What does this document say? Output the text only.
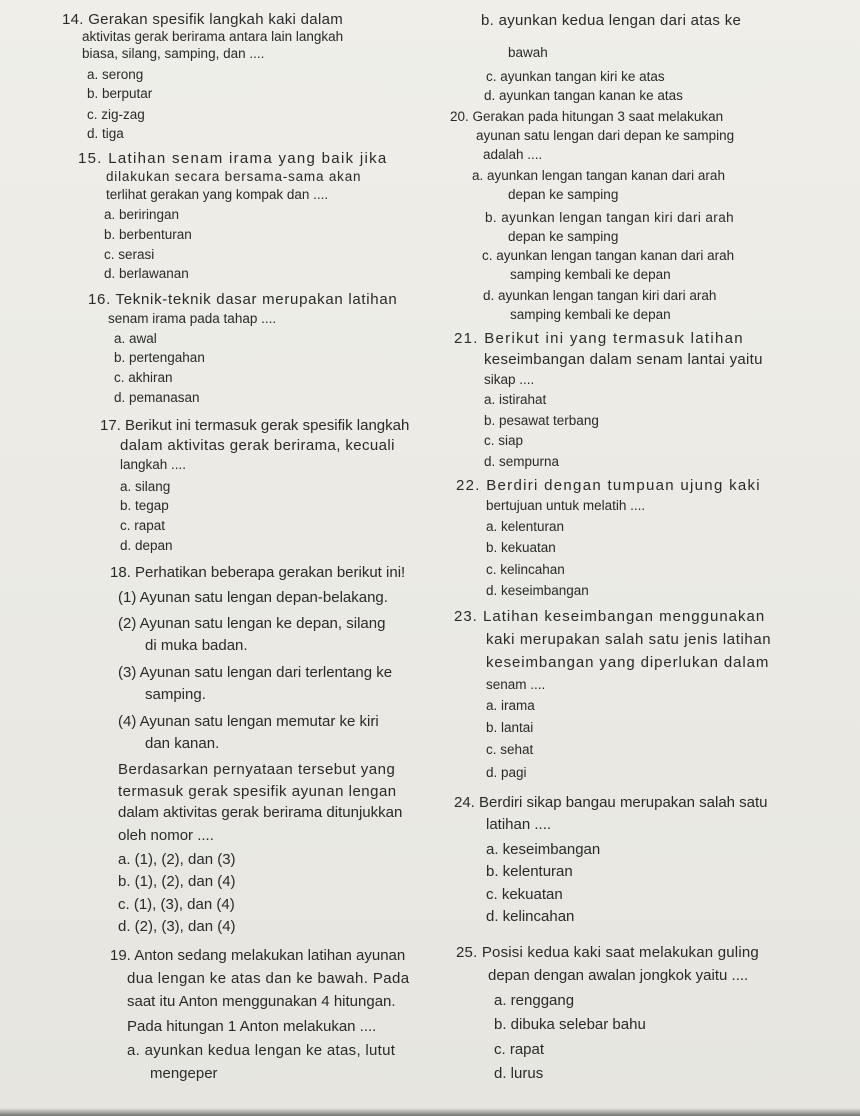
14. Gerakan spesifik langkah kaki dalam
aktivitas gerak berirama antara lain langkah
biasa, silang, samping, dan ....
a. serong
b. berputar
c. zig-zag
d. tiga
15. Latihan senam irama yang baik jika
dilakukan secara bersama-sama akan
terlihat gerakan yang kompak dan ....
a. beriringan
b. berbenturan
c. serasi
d. berlawanan
16. Teknik-teknik dasar merupakan latihan
senam irama pada tahap ....
a. awal
b. pertengahan
c. akhiran
d. pemanasan
17. Berikut ini termasuk gerak spesifik langkah
dalam aktivitas gerak berirama, kecuali
langkah ....
a. silang
b. tegap
c. rapat
d. depan
18. Perhatikan beberapa gerakan berikut ini!
(1) Ayunan satu lengan depan-belakang.
(2) Ayunan satu lengan ke depan, silang
di muka badan.
(3) Ayunan satu lengan dari terlentang ke
samping.
(4) Ayunan satu lengan memutar ke kiri
dan kanan.
Berdasarkan pernyataan tersebut yang
termasuk gerak spesifik ayunan lengan
dalam aktivitas gerak berirama ditunjukkan
oleh nomor ....
a. (1), (2), dan (3)
b. (1), (2), dan (4)
c. (1), (3), dan (4)
d. (2), (3), dan (4)
19. Anton sedang melakukan latihan ayunan
dua lengan ke atas dan ke bawah. Pada
saat itu Anton menggunakan 4 hitungan.
Pada hitungan 1 Anton melakukan ....
a. ayunkan kedua lengan ke atas, lutut
mengeper
b. ayunkan kedua lengan dari atas ke
bawah
c. ayunkan tangan kiri ke atas
d. ayunkan tangan kanan ke atas
20. Gerakan pada hitungan 3 saat melakukan
ayunan satu lengan dari depan ke samping
adalah ....
a. ayunkan lengan tangan kanan dari arah
depan ke samping
b. ayunkan lengan tangan kiri dari arah
depan ke samping
c. ayunkan lengan tangan kanan dari arah
samping kembali ke depan
d. ayunkan lengan tangan kiri dari arah
samping kembali ke depan
21. Berikut ini yang termasuk latihan
keseimbangan dalam senam lantai yaitu
sikap ....
a. istirahat
b. pesawat terbang
c. siap
d. sempurna
22. Berdiri dengan tumpuan ujung kaki
bertujuan untuk melatih ....
a. kelenturan
b. kekuatan
c. kelincahan
d. keseimbangan
23. Latihan keseimbangan menggunakan
kaki merupakan salah satu jenis latihan
keseimbangan yang diperlukan dalam
senam ....
a. irama
b. lantai
c. sehat
d. pagi
24. Berdiri sikap bangau merupakan salah satu
latihan ....
a. keseimbangan
b. kelenturan
c. kekuatan
d. kelincahan
25. Posisi kedua kaki saat melakukan guling
depan dengan awalan jongkok yaitu ....
a. renggang
b. dibuka selebar bahu
c. rapat
d. lurus
